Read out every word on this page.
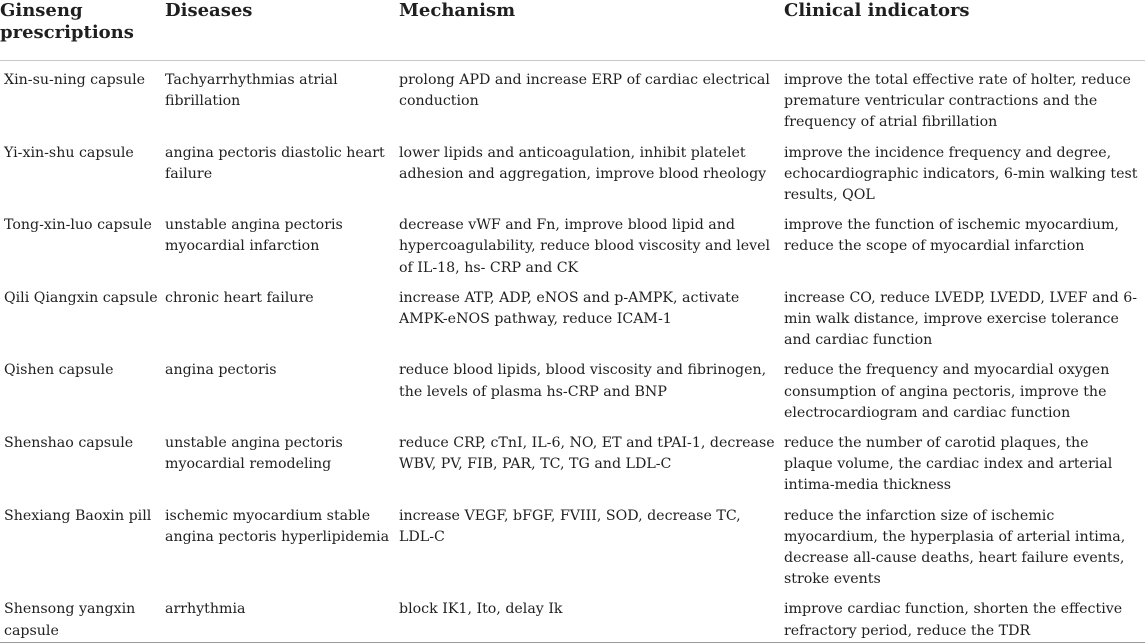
Ginseng prescriptions	Diseases	Mechanism	Clinical indicators
Xin-su-ning capsule	Tachyarrhythmias atrial fibrillation	prolong APD and increase ERP of cardiac electrical conduction	improve the total effective rate of holter, reduce premature ventricular contractions and the frequency of atrial fibrillation
Yi-xin-shu capsule	angina pectoris diastolic heart failure	lower lipids and anticoagulation, inhibit platelet adhesion and aggregation, improve blood rheology	improve the incidence frequency and degree, echocardiographic indicators, 6-min walking test results, QOL
Tong-xin-luo capsule	unstable angina pectoris myocardial infarction	decrease vWF and Fn, improve blood lipid and hypercoagulability, reduce blood viscosity and level of IL-18, hs- CRP and CK	improve the function of ischemic myocardium, reduce the scope of myocardial infarction
Qili Qiangxin capsule	chronic heart failure	increase ATP, ADP, eNOS and p-AMPK, activate AMPK-eNOS pathway, reduce ICAM-1	increase CO, reduce LVEDP, LVEDD, LVEF and 6-min walk distance, improve exercise tolerance and cardiac function
Qishen capsule	angina pectoris	reduce blood lipids, blood viscosity and fibrinogen, the levels of plasma hs-CRP and BNP	reduce the frequency and myocardial oxygen consumption of angina pectoris, improve the electrocardiogram and cardiac function
Shenshao capsule	unstable angina pectoris myocardial remodeling	reduce CRP, cTnI, IL-6, NO, ET and tPAI-1, decrease WBV, PV, FIB, PAR, TC, TG and LDL-C	reduce the number of carotid plaques, the plaque volume, the cardiac index and arterial intima-media thickness
Shexiang Baoxin pill	ischemic myocardium stable angina pectoris hyperlipidemia	increase VEGF, bFGF, FVIII, SOD, decrease TC, LDL-C	reduce the infarction size of ischemic myocardium, the hyperplasia of arterial intima, decrease all-cause deaths, heart failure events, stroke events
Shensong yangxin capsule	arrhythmia	block IK1, Ito, delay Ik	improve cardiac function, shorten the effective refractory period, reduce the TDR
